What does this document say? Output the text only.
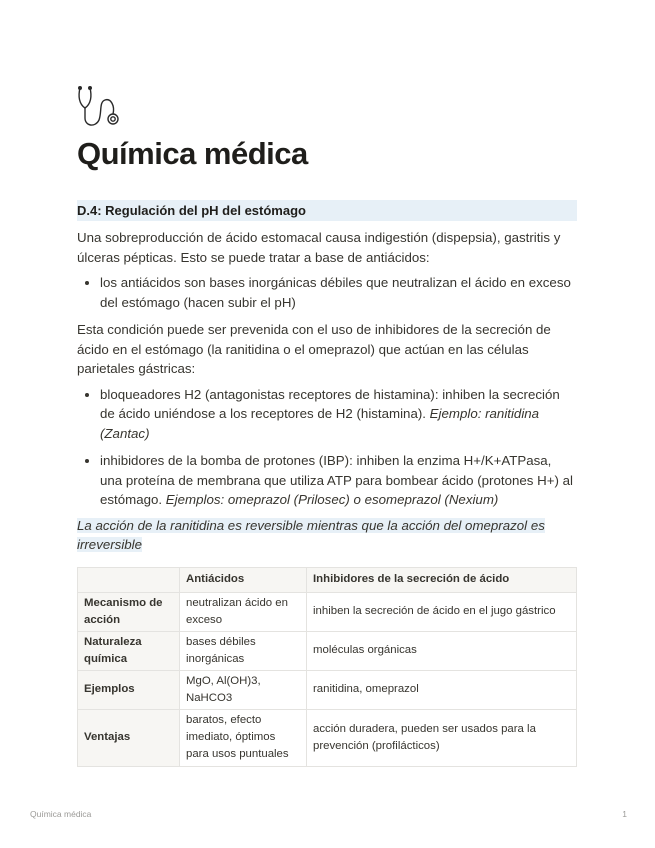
Química médica
D.4: Regulación del pH del estómago

Una sobreproducción de ácido estomacal causa indigestión (dispepsia), gastritis y úlceras pépticas. Esto se puede tratar a base de antiácidos:

• los antiácidos son bases inorgánicas débiles que neutralizan el ácido en exceso del estómago (hacen subir el pH)

Esta condición puede ser prevenida con el uso de inhibidores de la secreción de ácido en el estómago (la ranitidina o el omeprazol) que actúan en las células parietales gástricas:

• bloqueadores H2 (antagonistas receptores de histamina): inhiben la secreción de ácido uniéndose a los receptores de H2 (histamina). Ejemplo: ranitidina (Zantac)
• inhibidores de la bomba de protones (IBP): inhiben la enzima H+/K+ATPasa, una proteína de membrana que utiliza ATP para bombear ácido (protones H+) al estómago. Ejemplos: omeprazol (Prilosec) o esomeprazol (Nexium)
La acción de la ranitidina es reversible mientras que la acción del omeprazol es irreversible
	Antiácidos	Inhibidores de la secreción de ácido
Mecanismo de acción	neutralizan ácido en exceso	inhiben la secreción de ácido en el jugo gástrico
Naturaleza química	bases débiles inorgánicas	moléculas orgánicas
Ejemplos	MgO, Al(OH)3, NaHCO3	ranitidina, omeprazol
Ventajas	baratos, efecto imediato, óptimos para usos puntuales	acción duradera, pueden ser usados para la prevención (profilácticos)
Química médica	1
